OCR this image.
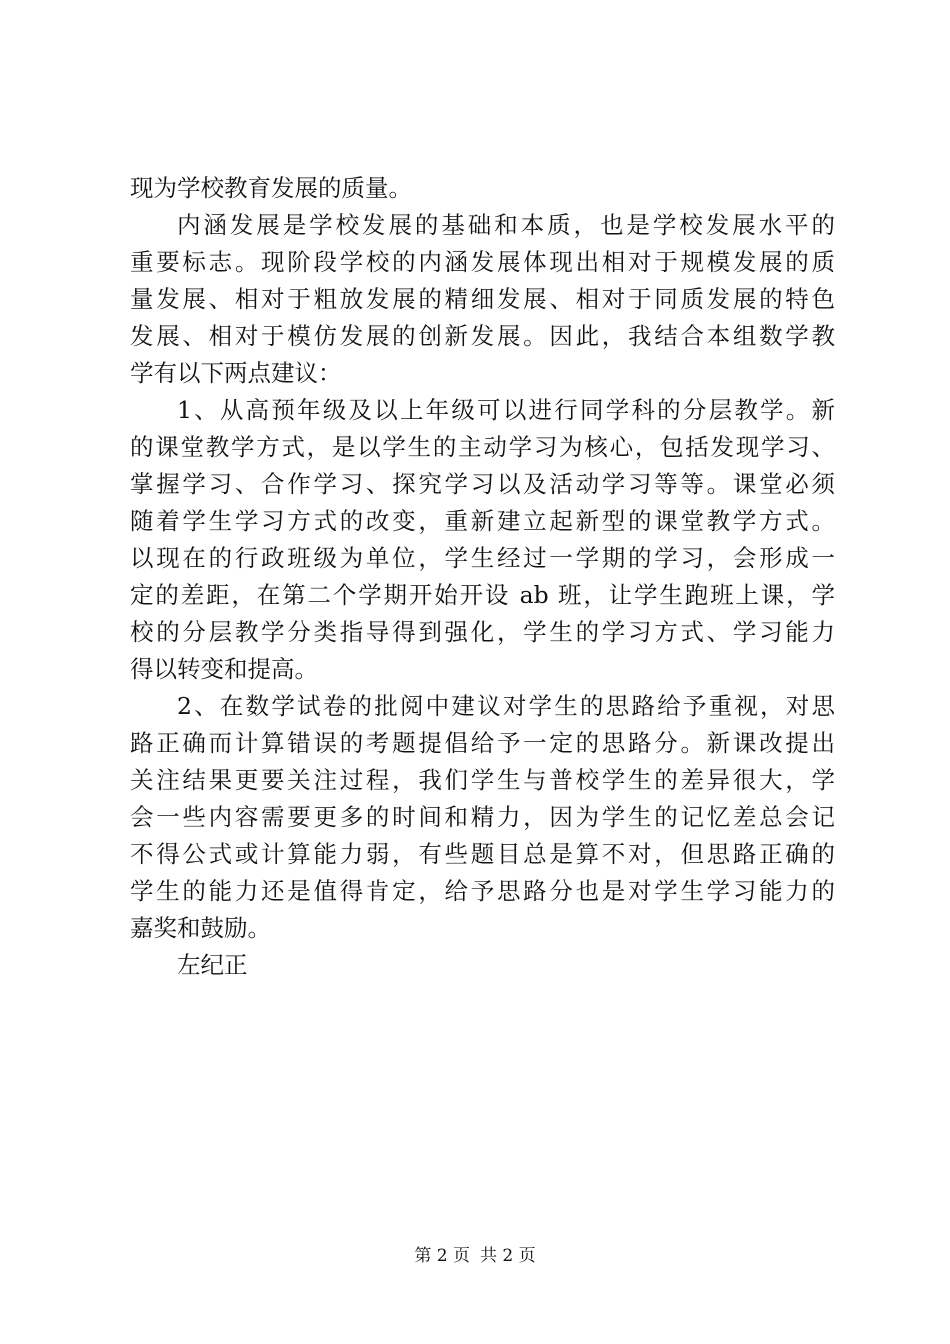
现为学校教育发展的质量。
内涵发展是学校发展的基础和本质，也是学校发展水平的
重要标志。现阶段学校的内涵发展体现出相对于规模发展的质
量发展、相对于粗放发展的精细发展、相对于同质发展的特色
发展、相对于模仿发展的创新发展。因此，我结合本组数学教
学有以下两点建议：
1、从高预年级及以上年级可以进行同学科的分层教学。新
的课堂教学方式，是以学生的主动学习为核心，包括发现学习、
掌握学习、合作学习、探究学习以及活动学习等等。课堂必须
随着学生学习方式的改变，重新建立起新型的课堂教学方式。
以现在的行政班级为单位，学生经过一学期的学习，会形成一
定的差距，在第二个学期开始开设 ab 班，让学生跑班上课，学
校的分层教学分类指导得到强化，学生的学习方式、学习能力
得以转变和提高。
2、在数学试卷的批阅中建议对学生的思路给予重视，对思
路正确而计算错误的考题提倡给予一定的思路分。新课改提出
关注结果更要关注过程，我们学生与普校学生的差异很大，学
会一些内容需要更多的时间和精力，因为学生的记忆差总会记
不得公式或计算能力弱，有些题目总是算不对，但思路正确的
学生的能力还是值得肯定，给予思路分也是对学生学习能力的
嘉奖和鼓励。
左纪正
第 2 页 共 2 页
